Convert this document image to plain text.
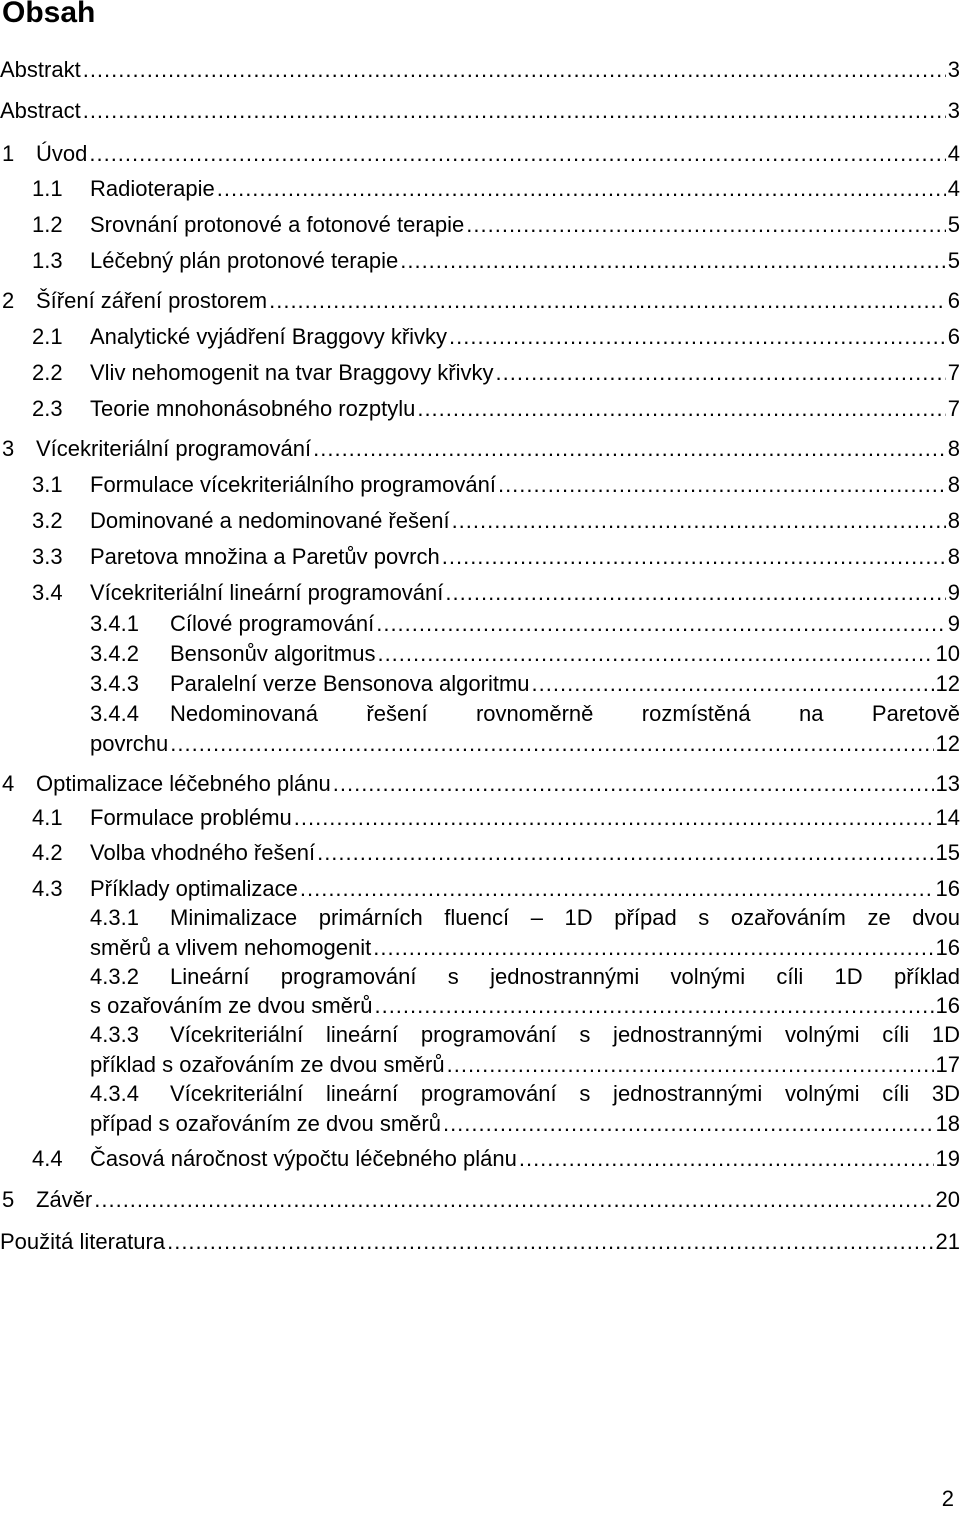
Obsah
Abstrakt .....	3
Abstract .....	3
1 Úvod .....	4
1.1 Radioterapie .....	4
1.2 Srovnání protonové a fotonové terapie .....	5
1.3 Léčebný plán protonové terapie .....	5
2 Šíření záření prostorem .....	6
2.1 Analytické vyjádření Braggovy křivky .....	6
2.2 Vliv nehomogenit na tvar Braggovy křivky .....	7
2.3 Teorie mnohonásobného rozptylu .....	7
3 Vícekriteriální programování .....	8
3.1 Formulace vícekriteriálního programování .....	8
3.2 Dominované a nedominované řešení .....	8
3.3 Paretova množina a Paretův povrch .....	8
3.4 Vícekriteriální lineární programování .....	9
3.4.1 Cílové programování .....	9
3.4.2 Bensonův algoritmus .....	10
3.4.3 Paralelní verze Bensonova algoritmu .....	12
3.4.4 Nedominovaná řešení rovnoměrně rozmístěná na Paretově
povrchu .....	12
4 Optimalizace léčebného plánu .....	13
4.1 Formulace problému .....	14
4.2 Volba vhodného řešení .....	15
4.3 Příklady optimalizace .....	16
4.3.1 Minimalizace primárních fluencí – 1D případ s ozařováním ze dvou
směrů a vlivem nehomogenit .....	16
4.3.2 Lineární programování s jednostrannými volnými cíli 1D příklad
s ozařováním ze dvou směrů .....	16
4.3.3 Vícekriteriální lineární programování s jednostrannými volnými cíli 1D
příklad s ozařováním ze dvou směrů .....	17
4.3.4 Vícekriteriální lineární programování s jednostrannými volnými cíli 3D
případ s ozařováním ze dvou směrů .....	18
4.4 Časová náročnost výpočtu léčebného plánu .....	19
5 Závěr .....	20
Použitá literatura .....	21
2
